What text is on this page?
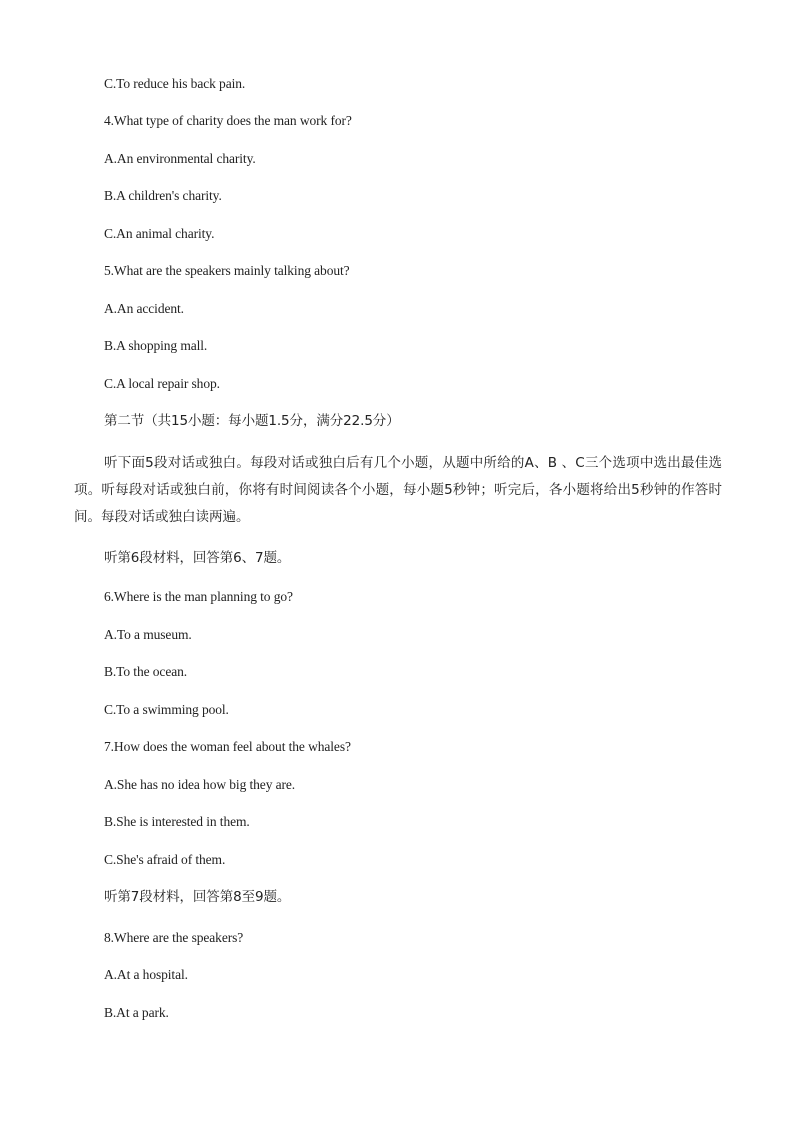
C.To reduce his back pain.
4.What type of charity does the man work for?
A.An environmental charity.
B.A children's charity.
C.An animal charity.
5.What are the speakers mainly talking about?
A.An accident.
B.A shopping mall.
C.A local repair shop.
第二节（共15小题：每小题1.5分，满分22.5分）
听下面5段对话或独白。每段对话或独白后有几个小题，从题中所给的A、B 、C三个选项中选出最佳选项。听每段对话或独白前，你将有时间阅读各个小题，每小题5秒钟；听完后，各小题将给出5秒钟的作答时间。每段对话或独白读两遍。
听第6段材料，回答第6、7题。
6.Where is the man planning to go?
A.To a museum.
B.To the ocean.
C.To a swimming pool.
7.How does the woman feel about the whales?
A.She has no idea how big they are.
B.She is interested in them.
C.She's afraid of them.
听第7段材料，回答第8至9题。
8.Where are the speakers?
A.At a hospital.
B.At a park.
